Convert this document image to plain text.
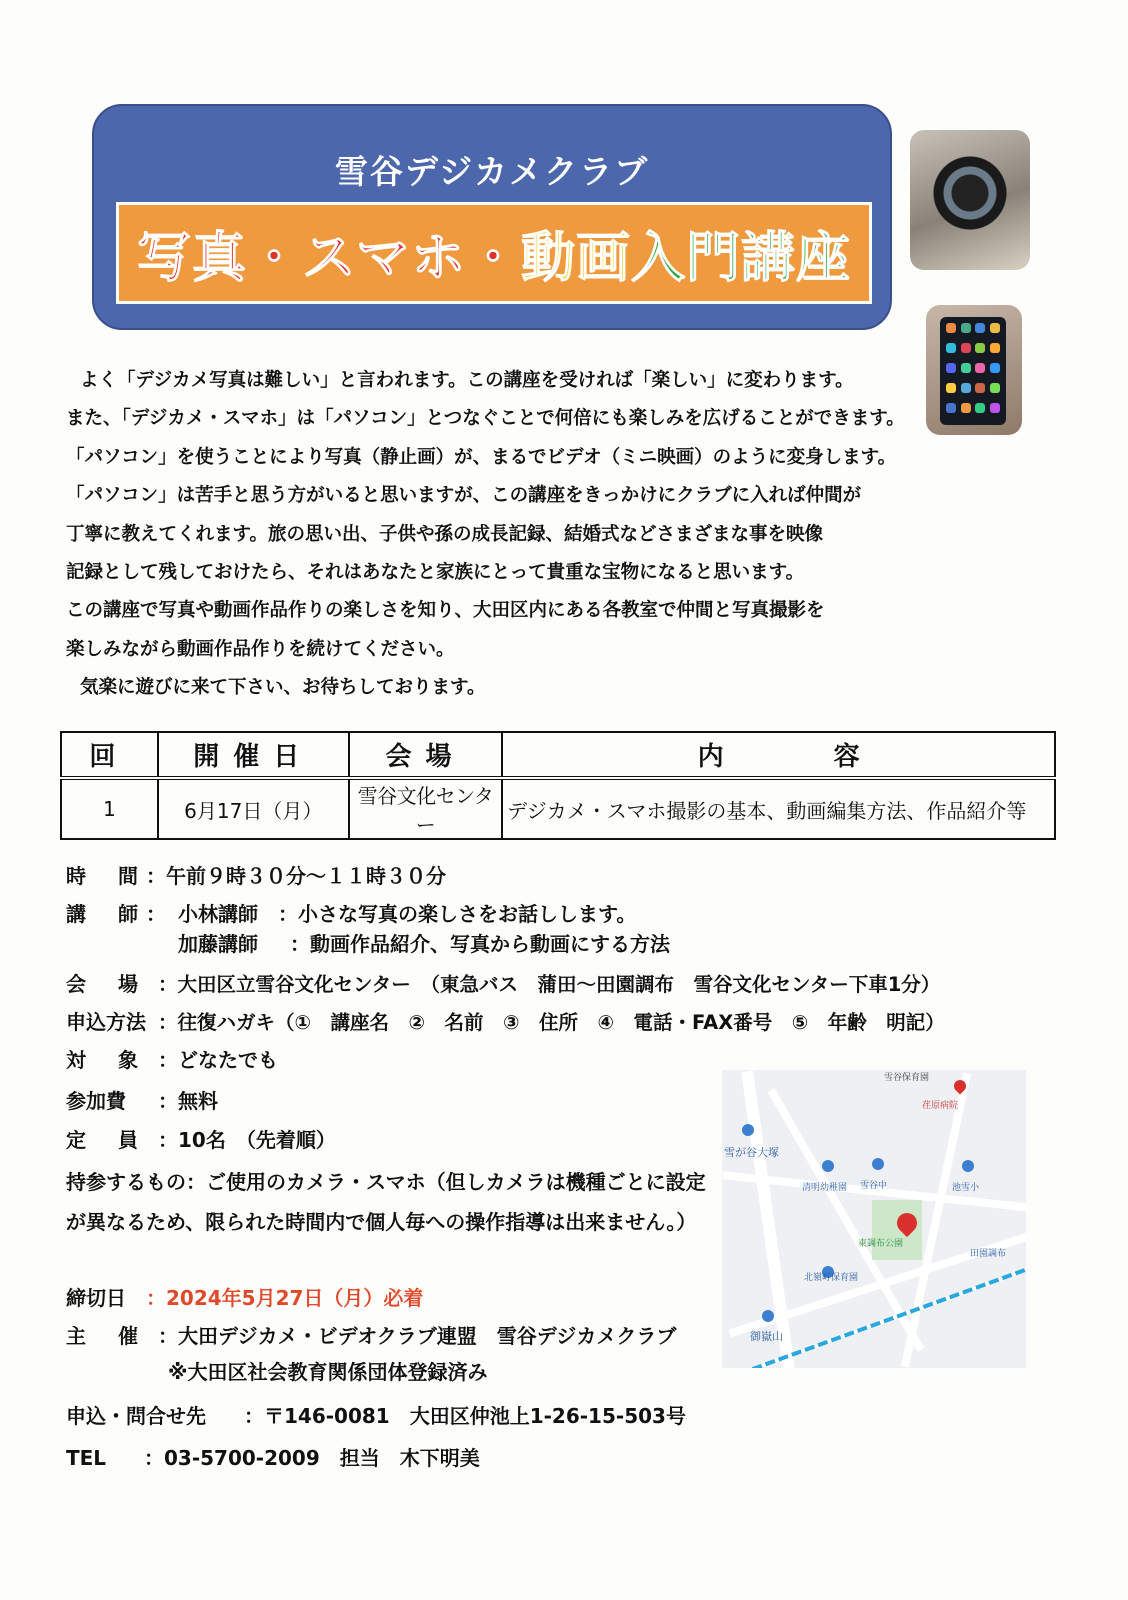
雪谷デジカメクラブ
写真・スマホ・ 動画 入門講座

よく「デジカメ写真は難しい」と言われます。この講座を受ければ「楽しい」に変わります。

また、「デジカメ・スマホ」は「パソコン」とつなぐことで何倍にも楽しみを広げることができます。

「パソコン」を使うことにより写真（静止画）が、まるでビデオ（ミニ映画）のように変身します。

「パソコン」は苦手と思う方がいると思いますが、この講座をきっかけにクラブに入れば仲間が

丁寧に教えてくれます。旅の思い出、子供や孫の成長記録、結婚式などさまざまな事を映像

記録として残しておけたら、それはあなたと家族にとって貴重な宝物になると思います。

この講座で写真や動画作品作りの楽しさを知り、大田区内にある各教室で仲間と写真撮影を

楽しみながら動画作品作りを続けてください。

気楽に遊びに来て下さい、お待ちしております。

回	開催日	会場	内容
1	6月17日（月）	雪谷文化センター	デジカメ・スマホ撮影の基本、動画編集方法、作品紹介等
時　間 ：午前９時３０分～１１時３０分
講　師 ： 小林講師 ：小さな写真の楽しさをお話しします。
加藤講師 ：動画作品紹介、写真から動画にする方法
会　場 ：大田区立雪谷文化センター　（東急バス　蒲田～田園調布　雪谷文化センター下車1分）
申込方法 ：往復ハガキ（①　講座名　②　名前　③　住所　④　電話・FAX番号　⑤　年齢　明記）
対　象 ：どなたでも
参加費 ：無料
定　員 ：10名　（先着順）
持参するもの：ご使用のカメラ・スマホ（但しカメラは機種ごとに設定
が異なるため、限られた時間内で個人毎への操作指導は出来ません。）
締切日 ：2024年5月27日（月）必着
主　催 ：大田デジカメ・ビデオクラブ連盟　雪谷デジカメクラブ
※大田区社会教育関係団体登録済み
申込・問合せ先 ：〒146-0081　大田区仲池上1-26-15-503号
TEL ：03-5700-2009　担当　木下明美
雪谷保育園
荏原病院
雪が谷大塚
清明幼稚園 雪谷中	池雪小
東調布公園
北嶺町保育園
田園調布
御嶽山
